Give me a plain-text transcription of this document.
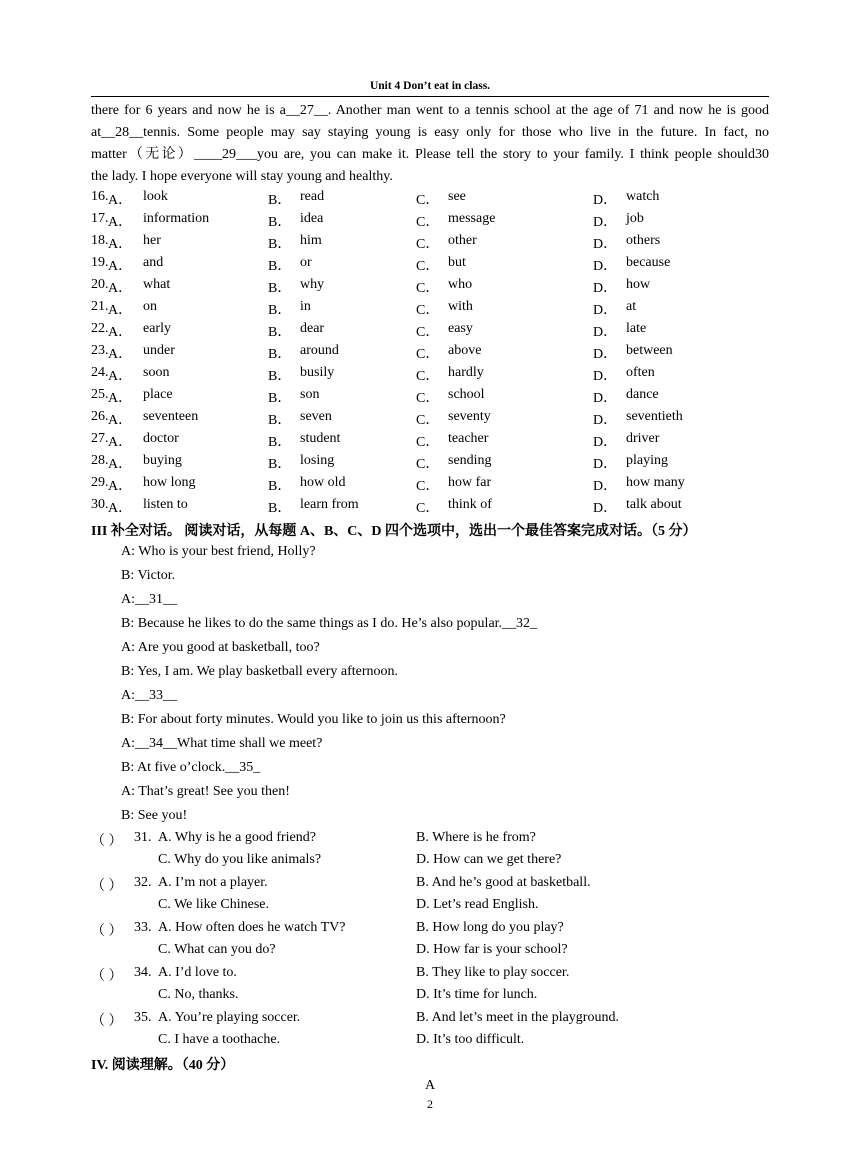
Unit 4 Don’t eat in class.
there for 6 years and now he is a__27__. Another man went to a tennis school at the age of 71 and now he is good
at__28__tennis. Some people may say staying young is easy only for those who live in the future. In fact, no
matter（无论）____29___you are, you can make it. Please tell the story to your family. I think people should30
the lady. I hope everyone will stay young and healthy.
16. A． look	B． read	C． see	D． watch
17. A． information	B． idea	C． message	D． job
18. A． her	B． him	C． other	D． others
19. A． and	B． or	C． but	D． because
20. A． what	B． why	C． who	D． how
21. A． on	B． in	C． with	D． at
22. A． early	B． dear	C． easy	D． late
23. A． under	B． around	C． above	D． between
24. A． soon	B． busily	C． hardly	D． often
25. A． place	B． son	C． school	D． dance
26. A． seventeen	B． seven	C． seventy	D． seventieth
27. A． doctor	B． student	C． teacher	D． driver
28. A． buying	B． losing	C． sending	D． playing
29. A． how long	B． how old	C． how far	D． how many
30. A． listen to	B． learn from	C． think of	D． talk about
III 补全对话。 阅读对话，从每题 A、B、C、D 四个选项中，选出一个最佳答案完成对话。（5 分）
A: Who is your best friend, Holly?
B: Victor.
A:__31__
B: Because he likes to do the same things as I do. He’s also popular.__32_
A: Are you good at basketball, too?
B: Yes, I am. We play basketball every afternoon.
A:__33__
B: For about forty minutes. Would you like to join us this afternoon?
A:__34__What time shall we meet?
B: At five o’clock.__35_
A: That’s great! See you then!
B: See you!
（ ） 31. A. Why is he a good friend?	B. Where is he from?
C. Why do you like animals?	D. How can we get there?
（ ） 32. A. I’m not a player.	B. And he’s good at basketball.
C. We like Chinese.	D. Let’s read English.
（ ） 33. A. How often does he watch TV?	B. How long do you play?
C. What can you do?	D. How far is your school?
（ ） 34. A. I’d love to.	B. They like to play soccer.
C. No, thanks.	D. It’s time for lunch.
（ ） 35. A. You’re playing soccer.	B. And let’s meet in the playground.
C. I have a toothache.	D. It’s too difficult.
IV. 阅读理解。（40 分）
A
2
